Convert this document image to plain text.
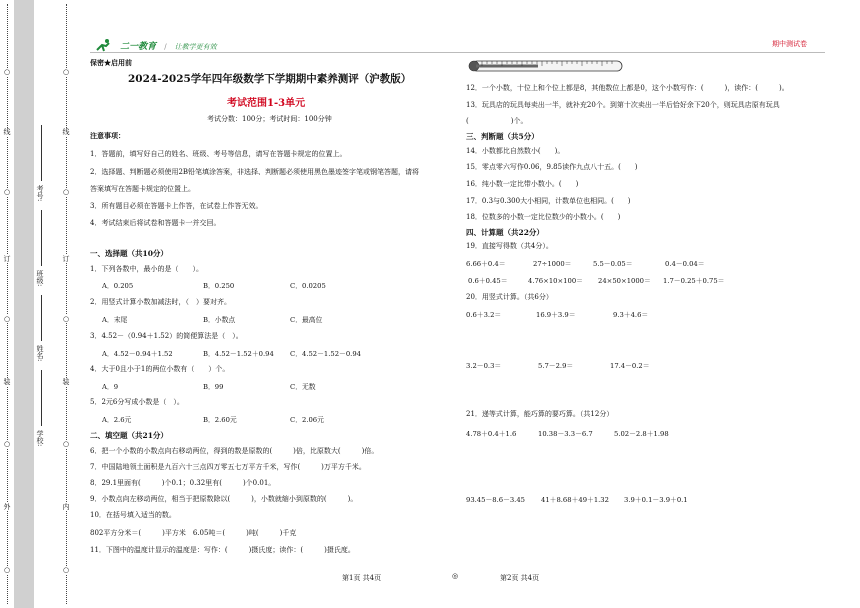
○
线
○
订
○
装
○
外
○
学校:
姓名:
班级:
考号:
○
线
○
订
○
装
○
内
○
二一教育 / 让教学更有效	期中测试卷
保密★启用前
2024-2025学年四年级数学下学期期中素养测评（沪教版）
考试范围1-3单元
考试分数：100分；考试时间：100分钟
注意事项：
1．答题前，填写好自己的姓名、班级、考号等信息，请写在答题卡规定的位置上。
2．选择题、判断题必须使用2B铅笔填涂答案，非选择、判断题必须使用黑色墨迹签字笔或钢笔答题，请将
答案填写在答题卡规定的位置上。
3．所有题目必须在答题卡上作答，在试卷上作答无效。
4．考试结束后将试卷和答题卡一并交回。
一、选择题（共10分）
1．下列各数中，最小的是（　　）。
A．0.205	B．0.250	C．0.0205
2．用竖式计算小数加减法时，（　）要对齐。
A．末尾	B．小数点	C．最高位
3．4.52－（0.94＋1.52）的简便算法是（　）。
A．4.52－0.94＋1.52	B．4.52－1.52＋0.94 C．4.52－1.52－0.94
4．大于0且小于1的两位小数有（　　）个。
A．9	B．99	C．无数
5．2元6分写成小数是（　）。
A．2.6元	B．2.60元	C．2.06元
二、填空题（共21分）
6．把一个小数的小数点向右移动两位，得到的数是原数的(　　　)倍，比原数大(　　　)倍。
7．中国陆地领土面积是九百六十三点四万零五七万平方千米，写作(　　　)万平方千米。
8．29.1里面有(　　　)个0.1；0.32里有(　　　)个0.01。
9．小数点向左移动两位，相当于把原数除以(　　　)，小数就缩小到原数的(　　　)。
10．在括号填入适当的数。
802平方分米＝(　　　)平方米　6.05吨＝(　　　)吨(　　　)千克
11．下图中的温度计显示的温度是：写作：(　　　)摄氏度；读作：(　　　)摄氏度。
12．一个小数，十位上和个位上都是8，其他数位上都是0，这个小数写作：(　　　)，读作：(　　　)。
13．玩具店的玩具每卖出一半，就补充20个。到第十次卖出一半后恰好余下20个，则玩具店原有玩具
(　　　　　　)个。
三、判断题（共5分）
14．小数都比自然数小(　　)。
15．零点零六写作0.06，9.85读作九点八十五。(　　)
16．纯小数一定比带小数小。(　　)
17．0.3与0.300大小相同，计数单位也相同。(　　)
18．位数多的小数一定比位数少的小数小。(　　)
四、计算题（共22分）
19．直接写得数（共4分）。
6.66＋0.4＝	27÷1000＝	5.5－0.05＝	0.4－0.04＝
0.6＋0.45＝	4.76×10×100＝ 24×50×1000＝ 1.7－0.25＋0.75＝
20．用竖式计算。（共6分）
0.6＋3.2＝	16.9＋3.9＝	9.3＋4.6＝
3.2－0.3＝	5.7－2.9＝	17.4－0.2＝
21．递等式计算，能巧算的要巧算。（共12分）
4.78＋0.4＋1.6	10.38－3.3－6.7	5.02－2.8＋1.98
93.45－8.6－3.45 41＋8.68＋49＋1.32 3.9＋0.1－3.9＋0.1
第1页 共4页	◎	第2页 共4页
